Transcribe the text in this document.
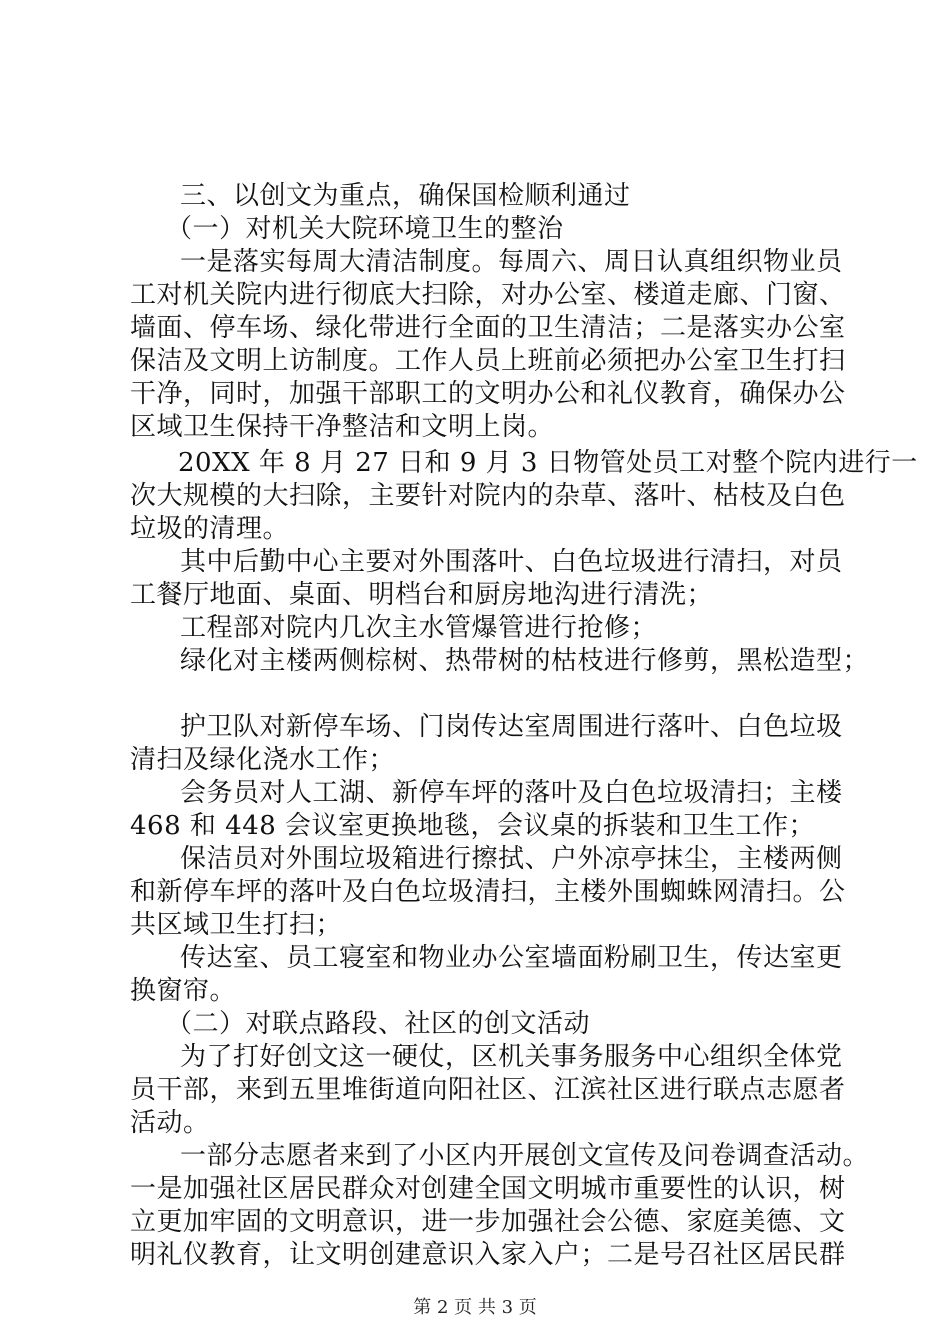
三、以创文为重点，确保国检顺利通过
（一）对机关大院环境卫生的整治
一是落实每周大清洁制度。每周六、周日认真组织物业员
工对机关院内进行彻底大扫除，对办公室、楼道走廊、门窗、
墙面、停车场、绿化带进行全面的卫生清洁；二是落实办公室
保洁及文明上访制度。工作人员上班前必须把办公室卫生打扫
干净，同时，加强干部职工的文明办公和礼仪教育，确保办公
区域卫生保持干净整洁和文明上岗。
20XX 年 8 月 27 日和 9 月 3 日物管处员工对整个院内进行一
次大规模的大扫除，主要针对院内的杂草、落叶、枯枝及白色
垃圾的清理。
其中后勤中心主要对外围落叶、白色垃圾进行清扫，对员
工餐厅地面、桌面、明档台和厨房地沟进行清洗；
工程部对院内几次主水管爆管进行抢修；
绿化对主楼两侧棕树、热带树的枯枝进行修剪，黑松造型；
护卫队对新停车场、门岗传达室周围进行落叶、白色垃圾
清扫及绿化浇水工作；
会务员对人工湖、新停车坪的落叶及白色垃圾清扫；主楼
468 和 448 会议室更换地毯，会议桌的拆装和卫生工作；
保洁员对外围垃圾箱进行擦拭、户外凉亭抹尘，主楼两侧
和新停车坪的落叶及白色垃圾清扫，主楼外围蜘蛛网清扫。公
共区域卫生打扫；
传达室、员工寝室和物业办公室墙面粉刷卫生，传达室更
换窗帘。
（二）对联点路段、社区的创文活动
为了打好创文这一硬仗，区机关事务服务中心组织全体党
员干部，来到五里堆街道向阳社区、江滨社区进行联点志愿者
活动。
一部分志愿者来到了小区内开展创文宣传及问卷调查活动。
一是加强社区居民群众对创建全国文明城市重要性的认识，树
立更加牢固的文明意识，进一步加强社会公德、家庭美德、文
明礼仪教育，让文明创建意识入家入户；二是号召社区居民群
第 2 页 共 3 页
